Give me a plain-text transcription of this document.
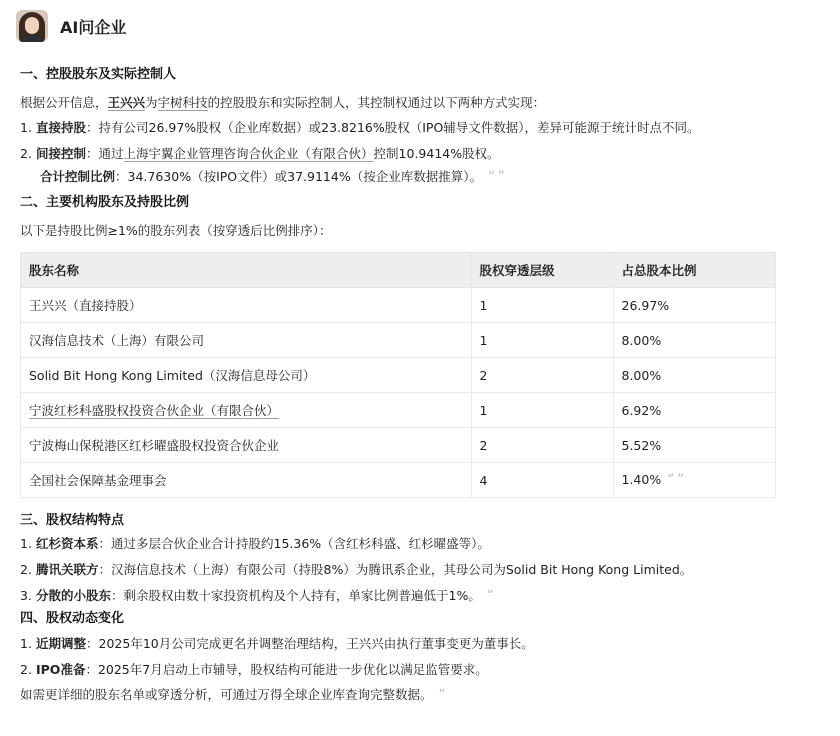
AI问企业
一、控股股东及实际控制人

根据公开信息，王兴兴为宇树科技的控股股东和实际控制人，其控制权通过以下两种方式实现：

1. 直接持股：持有公司26.97%股权（企业库数据）或23.8216%股权（IPO辅导文件数据），差异可能源于统计时点不同。
2. 间接控制：通过上海宇翼企业管理咨询合伙企业（有限合伙）控制10.9414%股权。
合计控制比例：34.7630%（按IPO文件）或37.9114%（按企业库数据推算）。 “ ”
二、主要机构股东及持股比例

以下是持股比例≥1%的股东列表（按穿透后比例排序）：

股东名称	股权穿透层级	占总股本比例
王兴兴（直接持股）	1	26.97%
汉海信息技术（上海）有限公司	1	8.00%
Solid Bit Hong Kong Limited（汉海信息母公司）	2	8.00%
宁波红杉科盛股权投资合伙企业（有限合伙）	1	6.92%
宁波梅山保税港区红杉曜盛股权投资合伙企业	2	5.52%
全国社会保障基金理事会	4	1.40% “ ”
三、股权结构特点
1. 红杉资本系：通过多层合伙企业合计持股约15.36%（含红杉科盛、红杉曜盛等）。
2. 腾讯关联方：汉海信息技术（上海）有限公司（持股8%）为腾讯系企业，其母公司为Solid Bit Hong Kong Limited。
3. 分散的小股东：剩余股权由数十家投资机构及个人持有，单家比例普遍低于1%。 “
四、股权动态变化
1. 近期调整：2025年10月公司完成更名并调整治理结构，王兴兴由执行董事变更为董事长。
2. IPO准备：2025年7月启动上市辅导，股权结构可能进一步优化以满足监管要求。

如需更详细的股东名单或穿透分析，可通过万得全球企业库查询完整数据。 “
